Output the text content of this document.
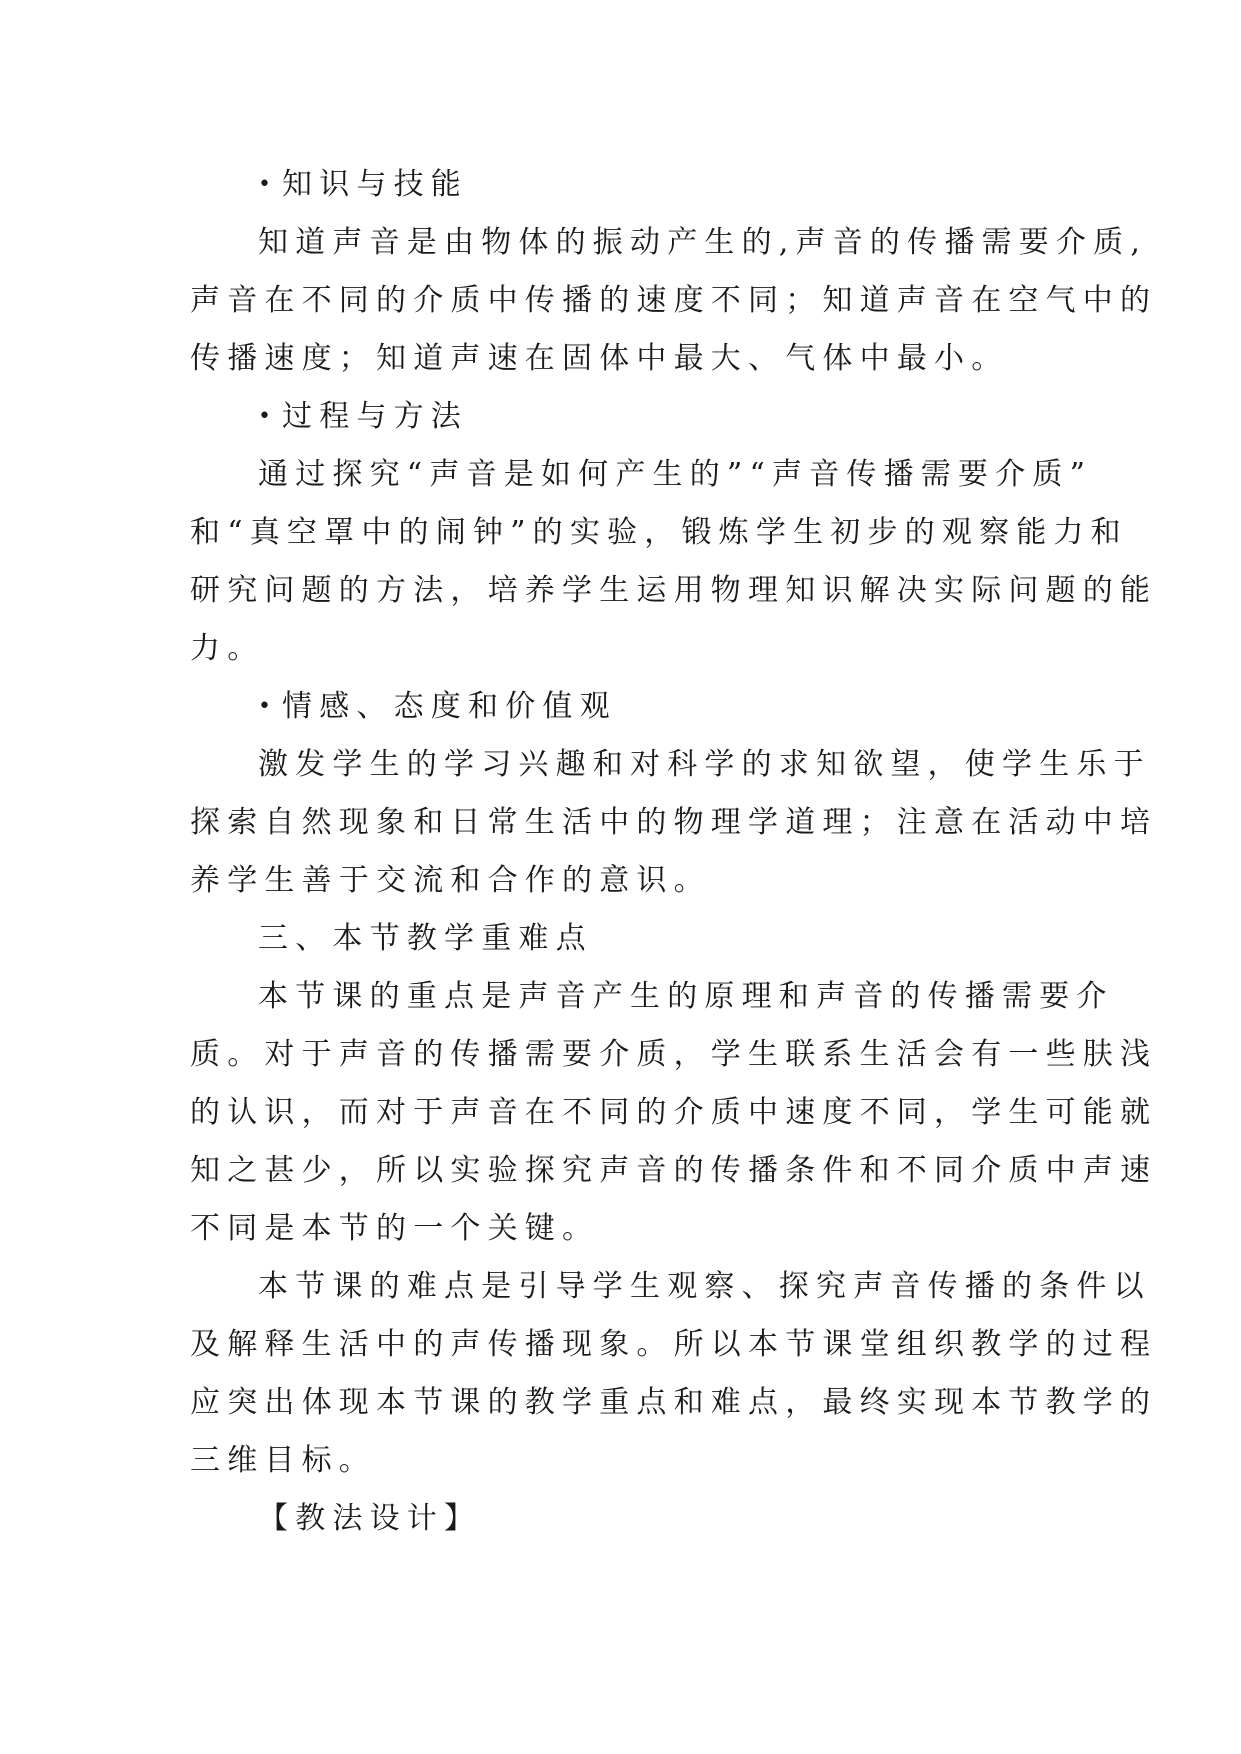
• 知识与技能
知道声音是由物体的振动产生的,声音的传播需要介质,
声音在不同的介质中传播的速度不同；知道声音在空气中的
传播速度；知道声速在固体中最大、气体中最小。
• 过程与方法
通过探究“声音是如何产生的”“声音传播需要介质”
和“真空罩中的闹钟”的实验，锻炼学生初步的观察能力和
研究问题的方法，培养学生运用物理知识解决实际问题的能
力。
• 情感、态度和价值观
激发学生的学习兴趣和对科学的求知欲望，使学生乐于
探索自然现象和日常生活中的物理学道理；注意在活动中培
养学生善于交流和合作的意识。
三、本节教学重难点
本节课的重点是声音产生的原理和声音的传播需要介
质。对于声音的传播需要介质，学生联系生活会有一些肤浅
的认识，而对于声音在不同的介质中速度不同，学生可能就
知之甚少，所以实验探究声音的传播条件和不同介质中声速
不同是本节的一个关键。
本节课的难点是引导学生观察、探究声音传播的条件以
及解释生活中的声传播现象。所以本节课堂组织教学的过程
应突出体现本节课的教学重点和难点，最终实现本节教学的
三维目标。
【教法设计】
